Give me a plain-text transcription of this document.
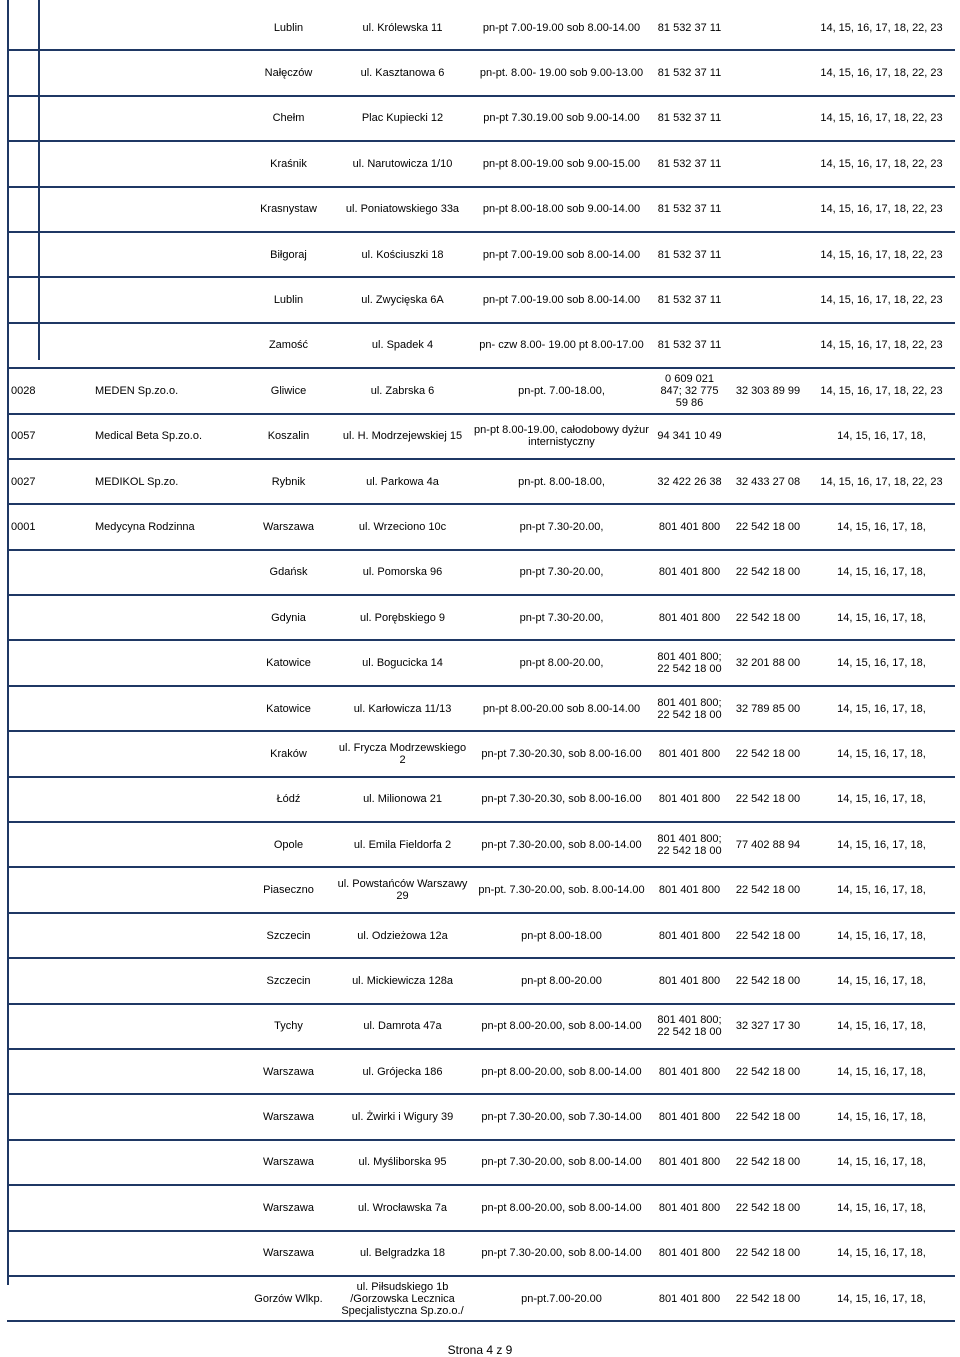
		Lublin	ul. Królewska 11	pn-pt 7.00-19.00 sob 8.00-14.00	81 532 37 11		14, 15, 16, 17, 18, 22, 23
		Nałęczów	ul. Kasztanowa 6	pn-pt. 8.00- 19.00 sob 9.00-13.00	81 532 37 11		14, 15, 16, 17, 18, 22, 23
		Chełm	Plac Kupiecki 12	pn-pt 7.30.19.00 sob 9.00-14.00	81 532 37 11		14, 15, 16, 17, 18, 22, 23
		Kraśnik	ul. Narutowicza 1/10	pn-pt 8.00-19.00 sob 9.00-15.00	81 532 37 11		14, 15, 16, 17, 18, 22, 23
		Krasnystaw	ul. Poniatowskiego 33a	pn-pt 8.00-18.00 sob 9.00-14.00	81 532 37 11		14, 15, 16, 17, 18, 22, 23
		Biłgoraj	ul. Kościuszki 18	pn-pt 7.00-19.00 sob 8.00-14.00	81 532 37 11		14, 15, 16, 17, 18, 22, 23
		Lublin	ul. Zwycięska 6A	pn-pt 7.00-19.00 sob 8.00-14.00	81 532 37 11		14, 15, 16, 17, 18, 22, 23
		Zamość	ul. Spadek 4	pn- czw 8.00- 19.00 pt 8.00-17.00	81 532 37 11		14, 15, 16, 17, 18, 22, 23
0028	MEDEN Sp.zo.o.	Gliwice	ul. Zabrska 6	pn-pt. 7.00-18.00,	0 609 021 847; 32 775 59 86	32 303 89 99	14, 15, 16, 17, 18, 22, 23
0057	Medical Beta Sp.zo.o.	Koszalin	ul. H. Modrzejewskiej 15	pn-pt 8.00-19.00, całodobowy dyżur internistyczny	94 341 10 49		14, 15, 16, 17, 18,
0027	MEDIKOL Sp.zo.	Rybnik	ul. Parkowa 4a	pn-pt. 8.00-18.00,	32 422 26 38	32 433 27 08	14, 15, 16, 17, 18, 22, 23
0001	Medycyna Rodzinna	Warszawa	ul. Wrzeciono 10c	pn-pt 7.30-20.00,	801 401 800	22 542 18 00	14, 15, 16, 17, 18,
		Gdańsk	ul. Pomorska 96	pn-pt 7.30-20.00,	801 401 800	22 542 18 00	14, 15, 16, 17, 18,
		Gdynia	ul. Porębskiego 9	pn-pt 7.30-20.00,	801 401 800	22 542 18 00	14, 15, 16, 17, 18,
		Katowice	ul. Bogucicka 14	pn-pt 8.00-20.00,	801 401 800; 22 542 18 00	32 201 88 00	14, 15, 16, 17, 18,
		Katowice	ul. Karłowicza 11/13	pn-pt 8.00-20.00 sob 8.00-14.00	801 401 800; 22 542 18 00	32 789 85 00	14, 15, 16, 17, 18,
		Kraków	ul. Frycza Modrzewskiego 2	pn-pt 7.30-20.30, sob 8.00-16.00	801 401 800	22 542 18 00	14, 15, 16, 17, 18,
		Łódź	ul. Milionowa 21	pn-pt 7.30-20.30, sob 8.00-16.00	801 401 800	22 542 18 00	14, 15, 16, 17, 18,
		Opole	ul. Emila Fieldorfa 2	pn-pt 7.30-20.00, sob 8.00-14.00	801 401 800; 22 542 18 00	77 402 88 94	14, 15, 16, 17, 18,
		Piaseczno	ul. Powstańców Warszawy 29	pn-pt. 7.30-20.00, sob. 8.00-14.00	801 401 800	22 542 18 00	14, 15, 16, 17, 18,
		Szczecin	ul. Odzieżowa 12a	pn-pt 8.00-18.00	801 401 800	22 542 18 00	14, 15, 16, 17, 18,
		Szczecin	ul. Mickiewicza 128a	pn-pt 8.00-20.00	801 401 800	22 542 18 00	14, 15, 16, 17, 18,
		Tychy	ul. Damrota 47a	pn-pt 8.00-20.00, sob 8.00-14.00	801 401 800; 22 542 18 00	32 327 17 30	14, 15, 16, 17, 18,
		Warszawa	ul. Grójecka 186	pn-pt 8.00-20.00, sob 8.00-14.00	801 401 800	22 542 18 00	14, 15, 16, 17, 18,
		Warszawa	ul. Żwirki i Wigury 39	pn-pt 7.30-20.00, sob 7.30-14.00	801 401 800	22 542 18 00	14, 15, 16, 17, 18,
		Warszawa	ul. Myśliborska 95	pn-pt 7.30-20.00, sob 8.00-14.00	801 401 800	22 542 18 00	14, 15, 16, 17, 18,
		Warszawa	ul. Wrocławska 7a	pn-pt 8.00-20.00, sob 8.00-14.00	801 401 800	22 542 18 00	14, 15, 16, 17, 18,
		Warszawa	ul. Belgradzka 18	pn-pt 7.30-20.00, sob 8.00-14.00	801 401 800	22 542 18 00	14, 15, 16, 17, 18,
		Gorzów Wlkp.	ul. Piłsudskiego 1b /Gorzowska Lecznica Specjalistyczna Sp.zo.o./	pn-pt.7.00-20.00	801 401 800	22 542 18 00	14, 15, 16, 17, 18,
Strona 4 z 9
